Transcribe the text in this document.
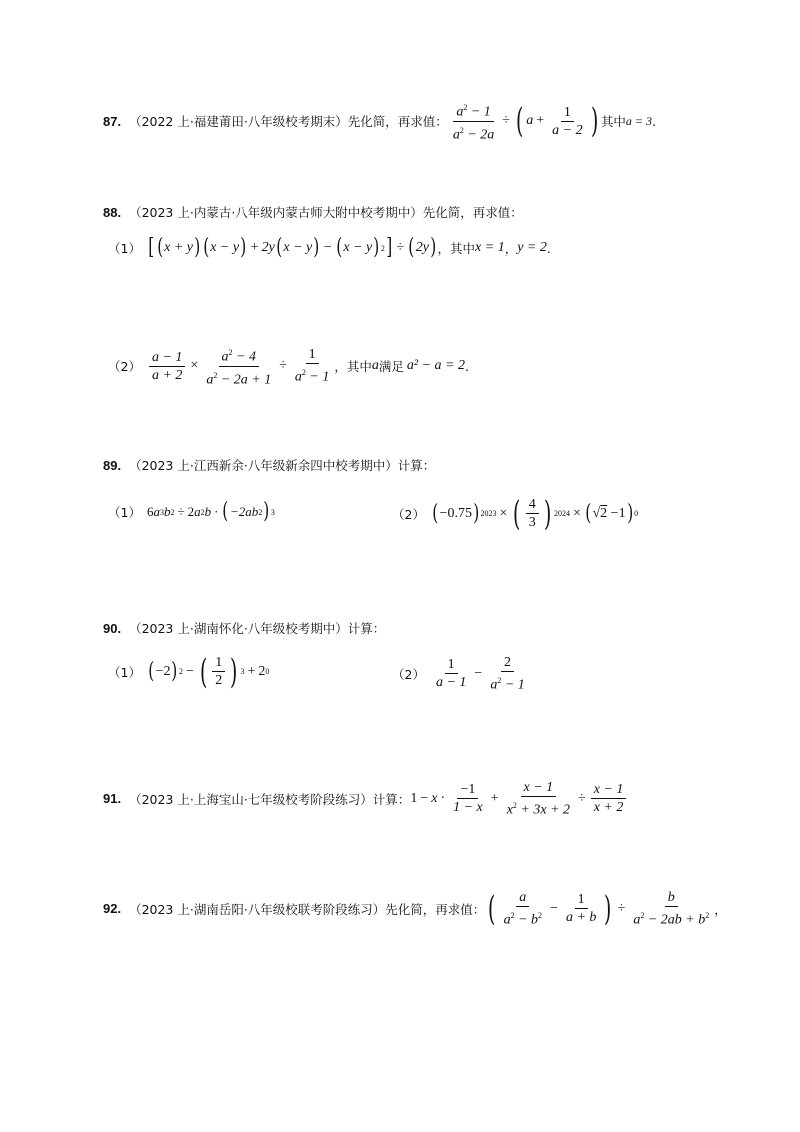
87. （2022 上·福建莆田·八年级校考期末）先化简，再求值： $\frac{a^2 - 1}{a^2 - 2a}$ ÷ ( $a + \frac{1}{a - 2}$ ) 其中 a = 3 .
88. （2023 上·内蒙古·八年级内蒙古师大附中校考期中）先化简，再求值：
（1） [ ( x + y ) ( x − y ) + 2y ( x − y ) − ( x − y ) 2 ] ÷ ( 2y ) ，其中 x = 1 ， y = 2 .
$(2) \frac{a - 1}{a + 2} \times \frac{a^2 - 4}{a^2 - 2a + 1} \div \frac{1}{a^2 - 1}$ ，其中 a 满足 a² − a = 2 .
89. （2023 上·江西新余·八年级新余四中校考期中）计算：
（1） 6 a 3 b 2 ÷ 2 a 2 b · ( −2ab 2 ) 3	（2） ( −0.75 ) 2023 × ( $\frac{4}{3}$ ) 2024 × ( √2 −1 ) 0
90. （2023 上·湖南怀化·八年级校考期中）计算：
（1） ( −2 ) 2 − ( $\frac{1}{2}$ ) 3 + 2 0	$(2) \frac{1}{a - 1} - \frac{2}{a^2 - 1}$
91. （2023 上·上海宝山·七年级校考阶段练习）计算： $1 - x \cdot \frac{-1}{1 - x} + \frac{x - 1}{x^2 + 3x + 2} \div \frac{x - 1}{x + 2}$
92. （2023 上·湖南岳阳·八年级校联考阶段练习）先化简，再求值： ( $\frac{a}{a^2 - b^2} - \frac{1}{a + b}$ ) ÷ $\frac{b}{a^2 - 2ab + b^2}$ ，
